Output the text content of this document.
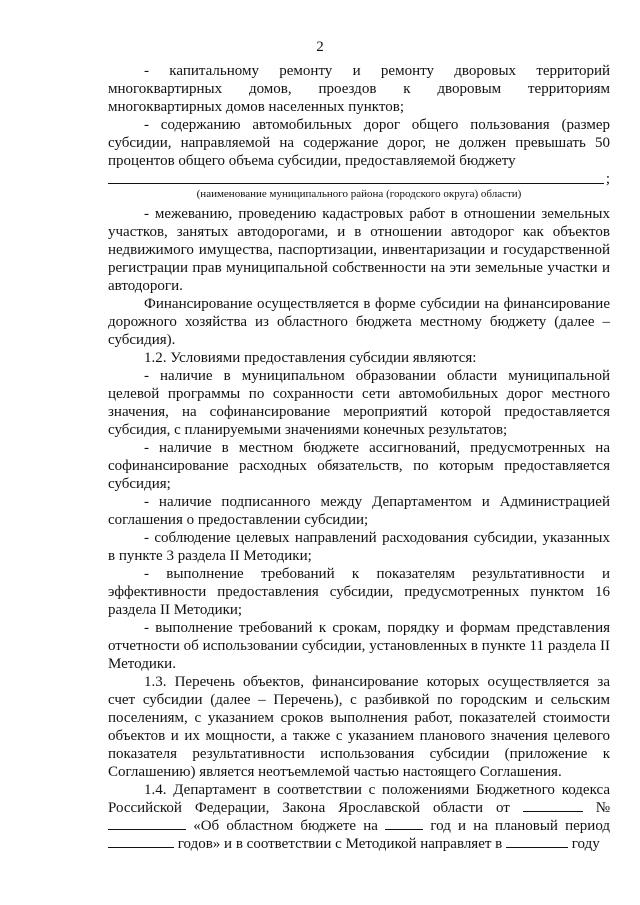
2

- капитальному ремонту и ремонту дворовых территорий многоквартирных домов, проездов к дворовым территориям многоквартирных домов населенных пунктов;

- содержанию автомобильных дорог общего пользования (размер субсидии, направляемой на содержание дорог, не должен превышать 50 процентов общего объема субсидии, предоставляемой бюджету

;

(наименование муниципального района (городского округа) области)

- межеванию, проведению кадастровых работ в отношении земельных участков, занятых автодорогами, и в отношении автодорог как объектов недвижимого имущества, паспортизации, инвентаризации и государственной регистрации прав муниципальной собственности на эти земельные участки и автодороги.

Финансирование осуществляется в форме субсидии на финансирование дорожного хозяйства из областного бюджета местному бюджету (далее – субсидия).

1.2. Условиями предоставления субсидии являются:

- наличие в муниципальном образовании области муниципальной целевой программы по сохранности сети автомобильных дорог местного значения, на софинансирование мероприятий которой предоставляется субсидия, с планируемыми значениями конечных результатов;

- наличие в местном бюджете ассигнований, предусмотренных на софинансирование расходных обязательств, по которым предоставляется субсидия;

- наличие подписанного между Департаментом и Администрацией соглашения о предоставлении субсидии;

- соблюдение целевых направлений расходования субсидии, указанных в пункте 3 раздела II Методики;

- выполнение требований к показателям результативности и эффективности предоставления субсидии, предусмотренных пунктом 16 раздела II Методики;

- выполнение требований к срокам, порядку и формам представления отчетности об использовании субсидии, установленных в пункте 11 раздела II Методики.

1.3. Перечень объектов, финансирование которых осуществляется за счет субсидии (далее – Перечень), с разбивкой по городским и сельским поселениям, с указанием сроков выполнения работ, показателей стоимости объектов и их мощности, а также с указанием планового значения целевого показателя результативности использования субсидии (приложение к Соглашению) является неотъемлемой частью настоящего Соглашения.

1.4. Департамент в соответствии с положениями Бюджетного кодекса Российской Федерации, Закона Ярославской области от	№  «Об областном бюджете на	год и на плановый период  годов» и в соответствии с Методикой направляет в	году
